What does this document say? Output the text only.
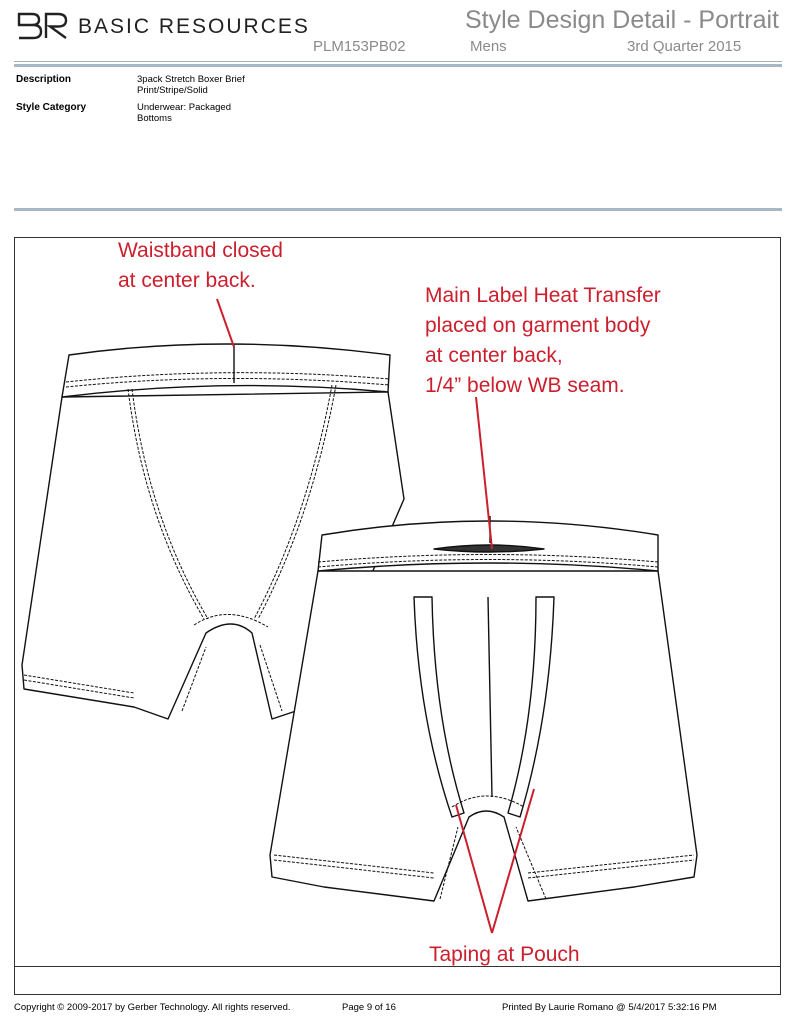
BASIC RESOURCES	Style Design Detail - Portrait
PLM153PB02	Mens	3rd Quarter 2015
Description	3pack Stretch Boxer Brief
Print/Stripe/Solid
Style Category	Underwear: Packaged
Bottoms
Waistband closed
at center back.
Main Label Heat Transfer
placed on garment body
at center back,
1/4” below WB seam.
Taping at Pouch
Copyright © 2009-2017 by Gerber Technology. All rights reserved.	Page 9 of 16	Printed By Laurie Romano @ 5/4/2017 5:32:16 PM
